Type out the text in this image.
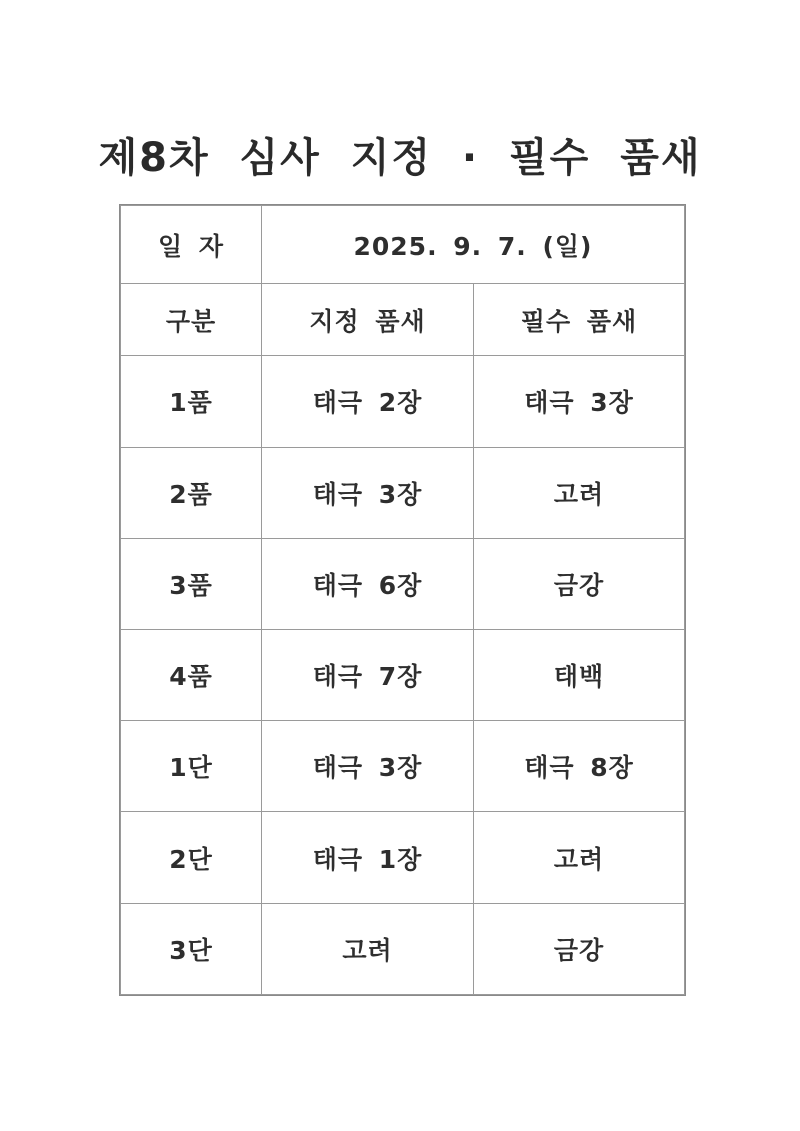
제8차 심사 지정 · 필수 품새
일 자	2025. 9. 7. (일)	
구분	지정 품새	필수 품새
1품	태극 2장	태극 3장
2품	태극 3장	고려
3품	태극 6장	금강
4품	태극 7장	태백
1단	태극 3장	태극 8장
2단	태극 1장	고려
3단	고려	금강
